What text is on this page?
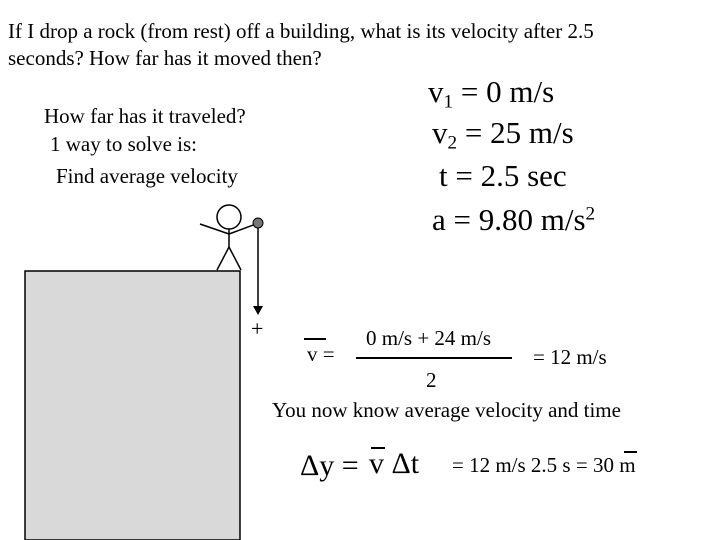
If I drop a rock (from rest) off a building, what is its velocity after 2.5
seconds? How far has it moved then?
How far has it traveled?
1 way to solve is:
Find average velocity
$v_1 = 0$ m/s
$v_2 = 25$ m/s
t = 2.5 sec
a = 9.80 $m/s^2$
+
v =
0 m/s + 24 m/s
2
= 12 m/s
You now know average velocity and time
Δy = v Δt = 12 m/s 2.5 s = 30 m
